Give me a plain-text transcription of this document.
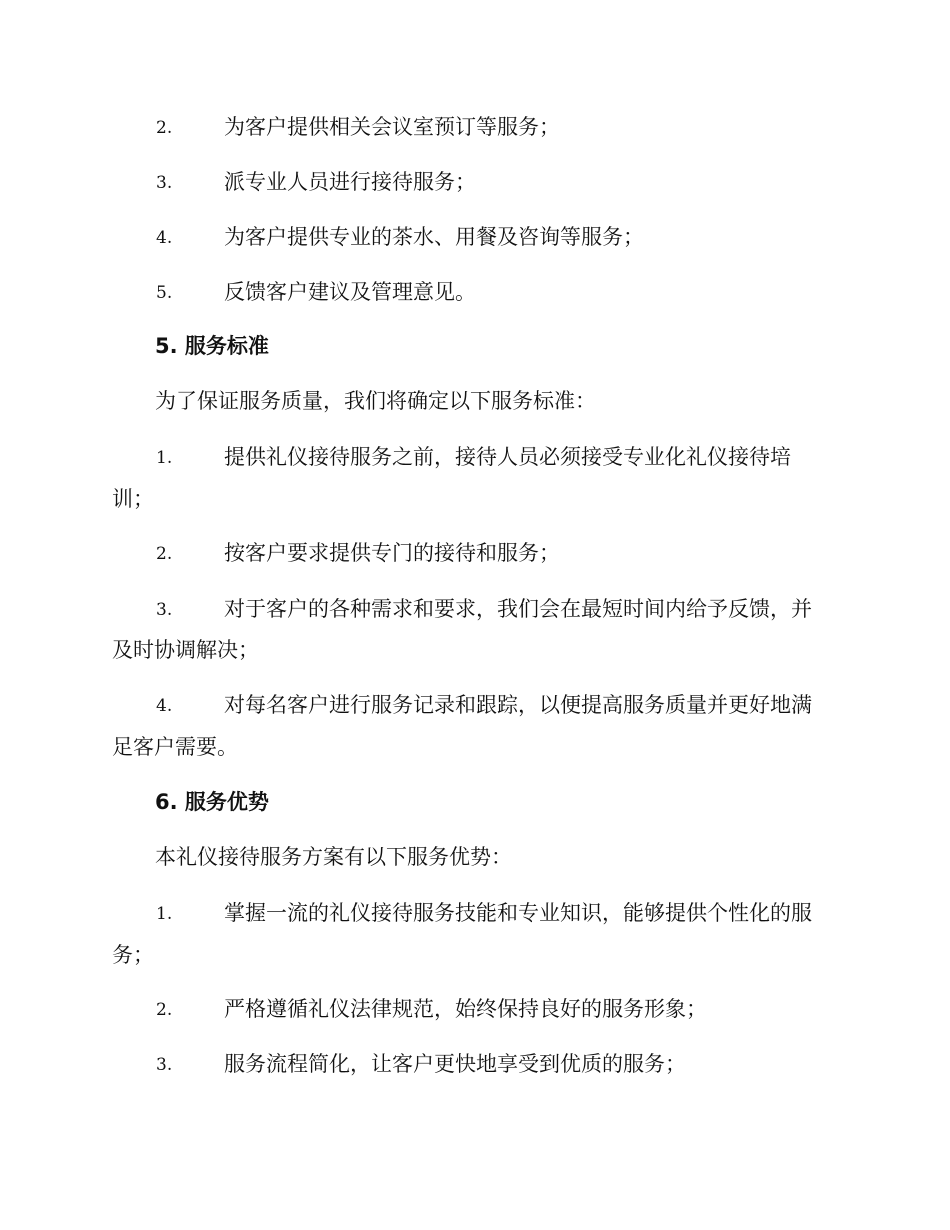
2. 为客户提供相关会议室预订等服务；
3. 派专业人员进行接待服务；
4. 为客户提供专业的茶水、用餐及咨询等服务；
5. 反馈客户建议及管理意见。
5. 服务标准
为了保证服务质量，我们将确定以下服务标准：
1. 提供礼仪接待服务之前，接待人员必须接受专业化礼仪接待培
训；
2. 按客户要求提供专门的接待和服务；
3. 对于客户的各种需求和要求，我们会在最短时间内给予反馈，并
及时协调解决；
4. 对每名客户进行服务记录和跟踪，以便提高服务质量并更好地满
足客户需要。
6. 服务优势
本礼仪接待服务方案有以下服务优势：
1. 掌握一流的礼仪接待服务技能和专业知识，能够提供个性化的服
务；
2. 严格遵循礼仪法律规范，始终保持良好的服务形象；
3. 服务流程简化，让客户更快地享受到优质的服务；
